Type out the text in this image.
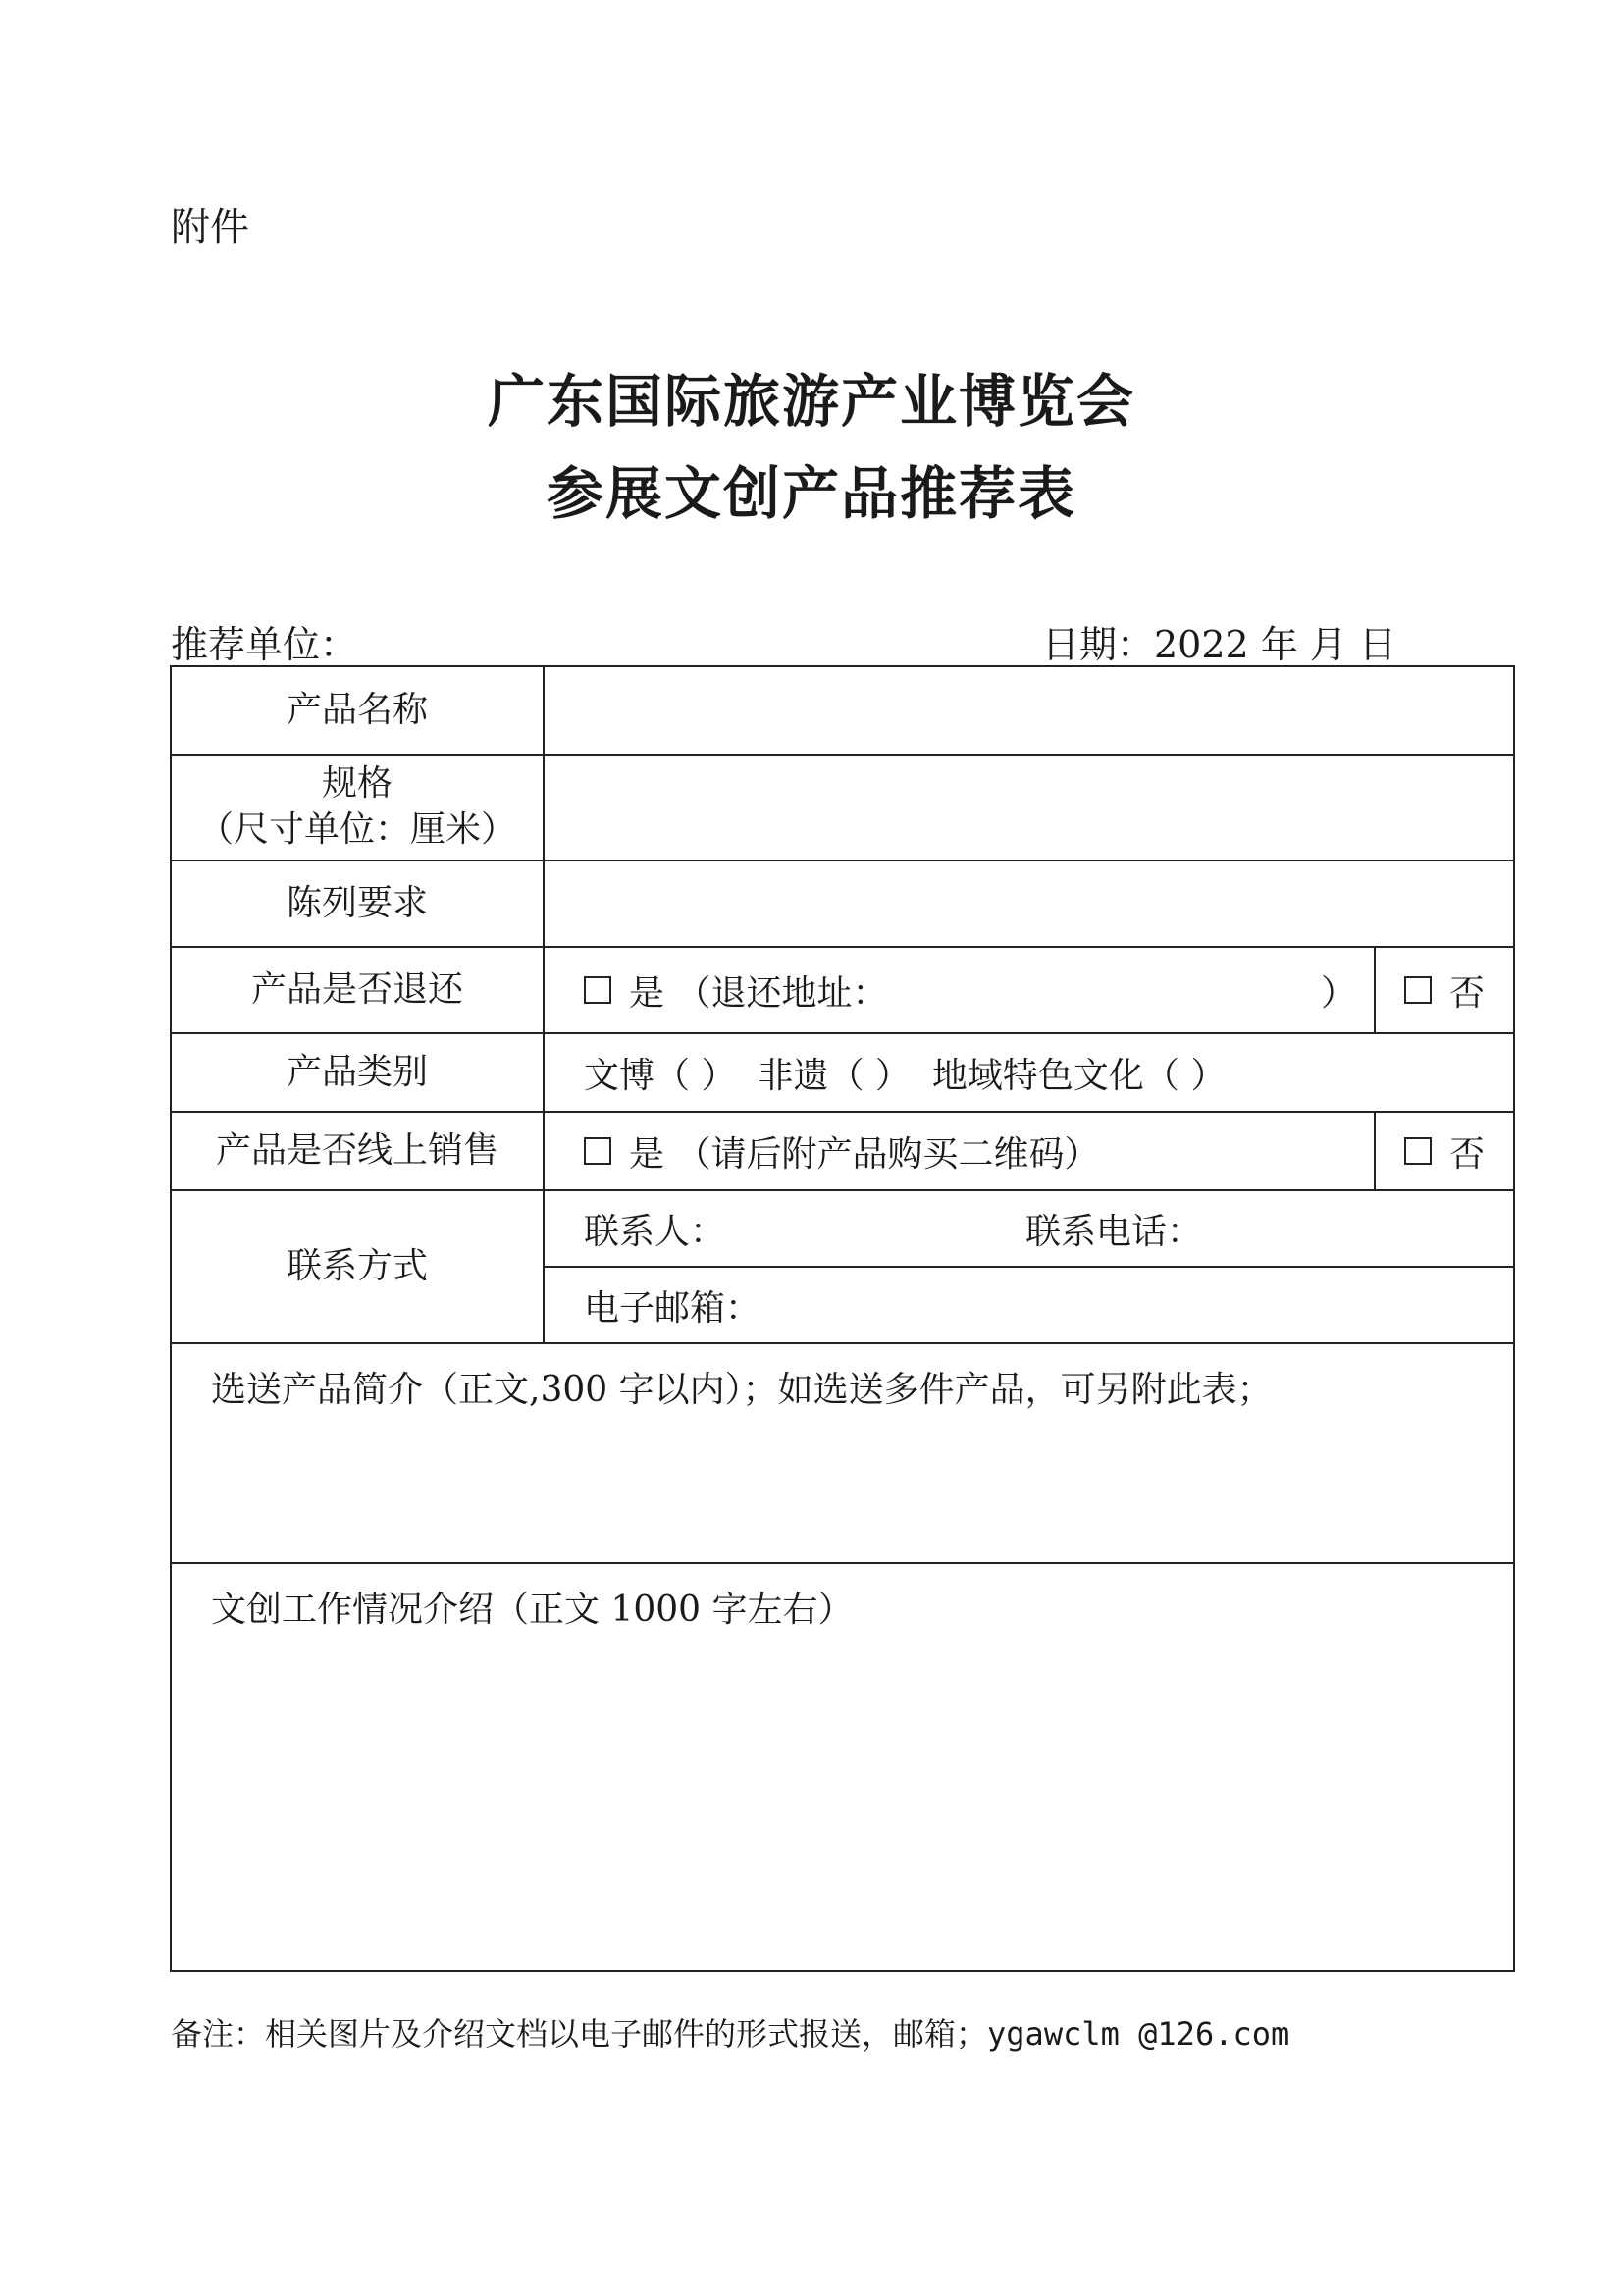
附件
广东国际旅游产业博览会
参展文创产品推荐表
推荐单位：	日期：2022 年 月 日
产品名称
规格
（尺寸单位：厘米）
陈列要求
产品是否退还	是 （退还地址：	）	否
产品类别	文博（ ） 非遗（ ） 地域特色文化（ ）
产品是否线上销售	是 （请后附产品购买二维码）	否
联系方式
联系人：	联系电话：
电子邮箱：
选送产品简介（正文,300 字以内）；如选送多件产品，可另附此表；
文创工作情况介绍（正文 1000 字左右）
备注：相关图片及介绍文档以电子邮件的形式报送，邮箱；ygawclm @126.com
